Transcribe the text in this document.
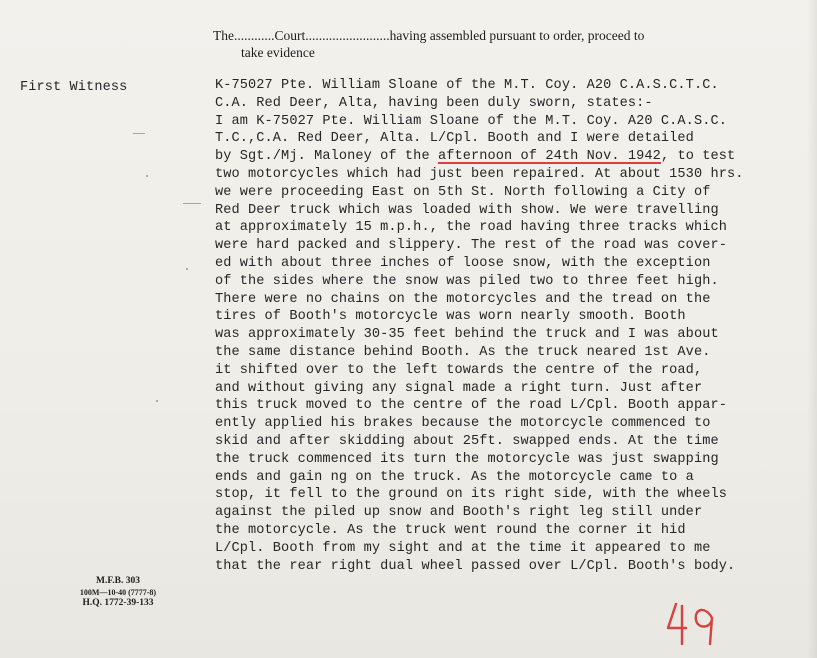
The............Court.........................having assembled pursuant to order, proceed to
take evidence
First Witness	K-75027 Pte. William Sloane of the M.T. Coy. A20 C.A.S.C.T.C.
C.A. Red Deer, Alta, having been duly sworn, states:-
I am K-75027 Pte. William Sloane of the M.T. Coy. A20 C.A.S.C.
T.C.,C.A. Red Deer, Alta. L/Cpl. Booth and I were detailed
by Sgt./Mj. Maloney of the afternoon of 24th Nov. 1942, to test
two motorcycles which had just been repaired. At about 1530 hrs.
we were proceeding East on 5th St. North following a City of
Red Deer truck which was loaded with show. We were travelling
at approximately 15 m.p.h., the road having three tracks which
were hard packed and slippery. The rest of the road was cover-
ed with about three inches of loose snow, with the exception
of the sides where the snow was piled two to three feet high.
There were no chains on the motorcycles and the tread on the
tires of Booth's motorcycle was worn nearly smooth. Booth
was approximately 30-35 feet behind the truck and I was about
the same distance behind Booth. As the truck neared 1st Ave.
it shifted over to the left towards the centre of the road,
and without giving any signal made a right turn. Just after
this truck moved to the centre of the road L/Cpl. Booth appar-
ently applied his brakes because the motorcycle commenced to
skid and after skidding about 25ft. swapped ends. At the time
the truck commenced its turn the motorcycle was just swapping
ends and gain ng on the truck. As the motorcycle came to a
stop, it fell to the ground on its right side, with the wheels
against the piled up snow and Booth's right leg still under
the motorcycle. As the truck went round the corner it hid
L/Cpl. Booth from my sight and at the time it appeared to me
that the rear right dual wheel passed over L/Cpl. Booth's body.
M.F.B. 303
100M—10-40 (7777-8)
H.Q. 1772-39-133
